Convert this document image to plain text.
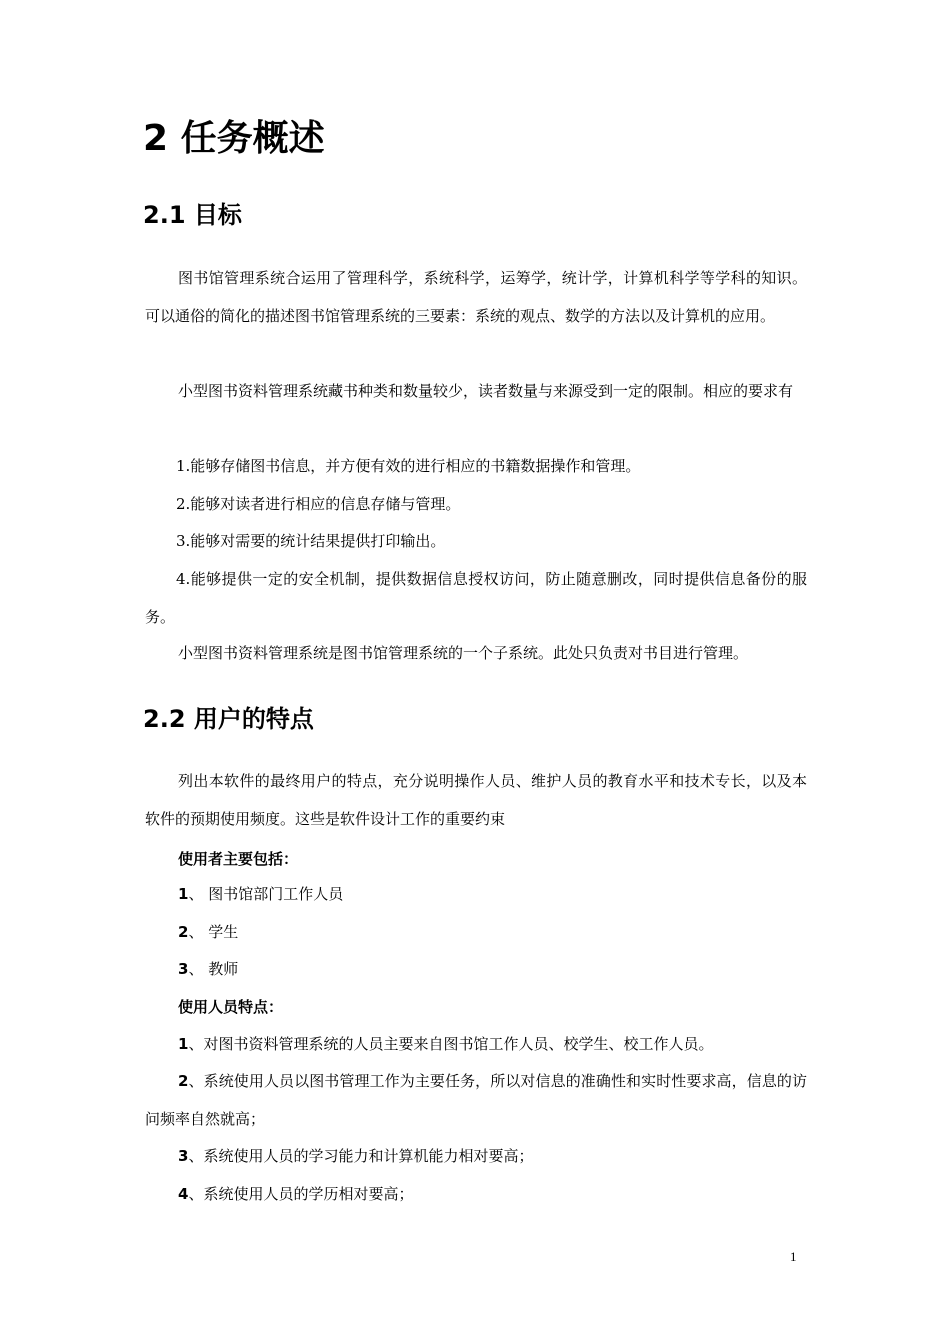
2 任务概述
2.1 目标

图书馆管理系统合运用了管理科学，系统科学，运筹学，统计学，计算机科学等学科的知识。可以通俗的简化的描述图书馆管理系统的三要素：系统的观点、数学的方法以及计算机的应用。

小型图书资料管理系统藏书种类和数量较少，读者数量与来源受到一定的限制。相应的要求有

1.能够存储图书信息，并方便有效的进行相应的书籍数据操作和管理。

2.能够对读者进行相应的信息存储与管理。

3.能够对需要的统计结果提供打印输出。

4.能够提供一定的安全机制，提供数据信息授权访问，防止随意删改，同时提供信息备份的服务。

小型图书资料管理系统是图书馆管理系统的一个子系统。此处只负责对书目进行管理。

2.2 用户的特点

列出本软件的最终用户的特点，充分说明操作人员、维护人员的教育水平和技术专长，以及本软件的预期使用频度。这些是软件设计工作的重要约束

使用者主要包括：

1、 图书馆部门工作人员

2、 学生

3、 教师

使用人员特点：

1、对图书资料管理系统的人员主要来自图书馆工作人员、校学生、校工作人员。

2、系统使用人员以图书管理工作为主要任务，所以对信息的准确性和实时性要求高，信息的访问频率自然就高；

3、系统使用人员的学习能力和计算机能力相对要高；

4、系统使用人员的学历相对要高；

1
